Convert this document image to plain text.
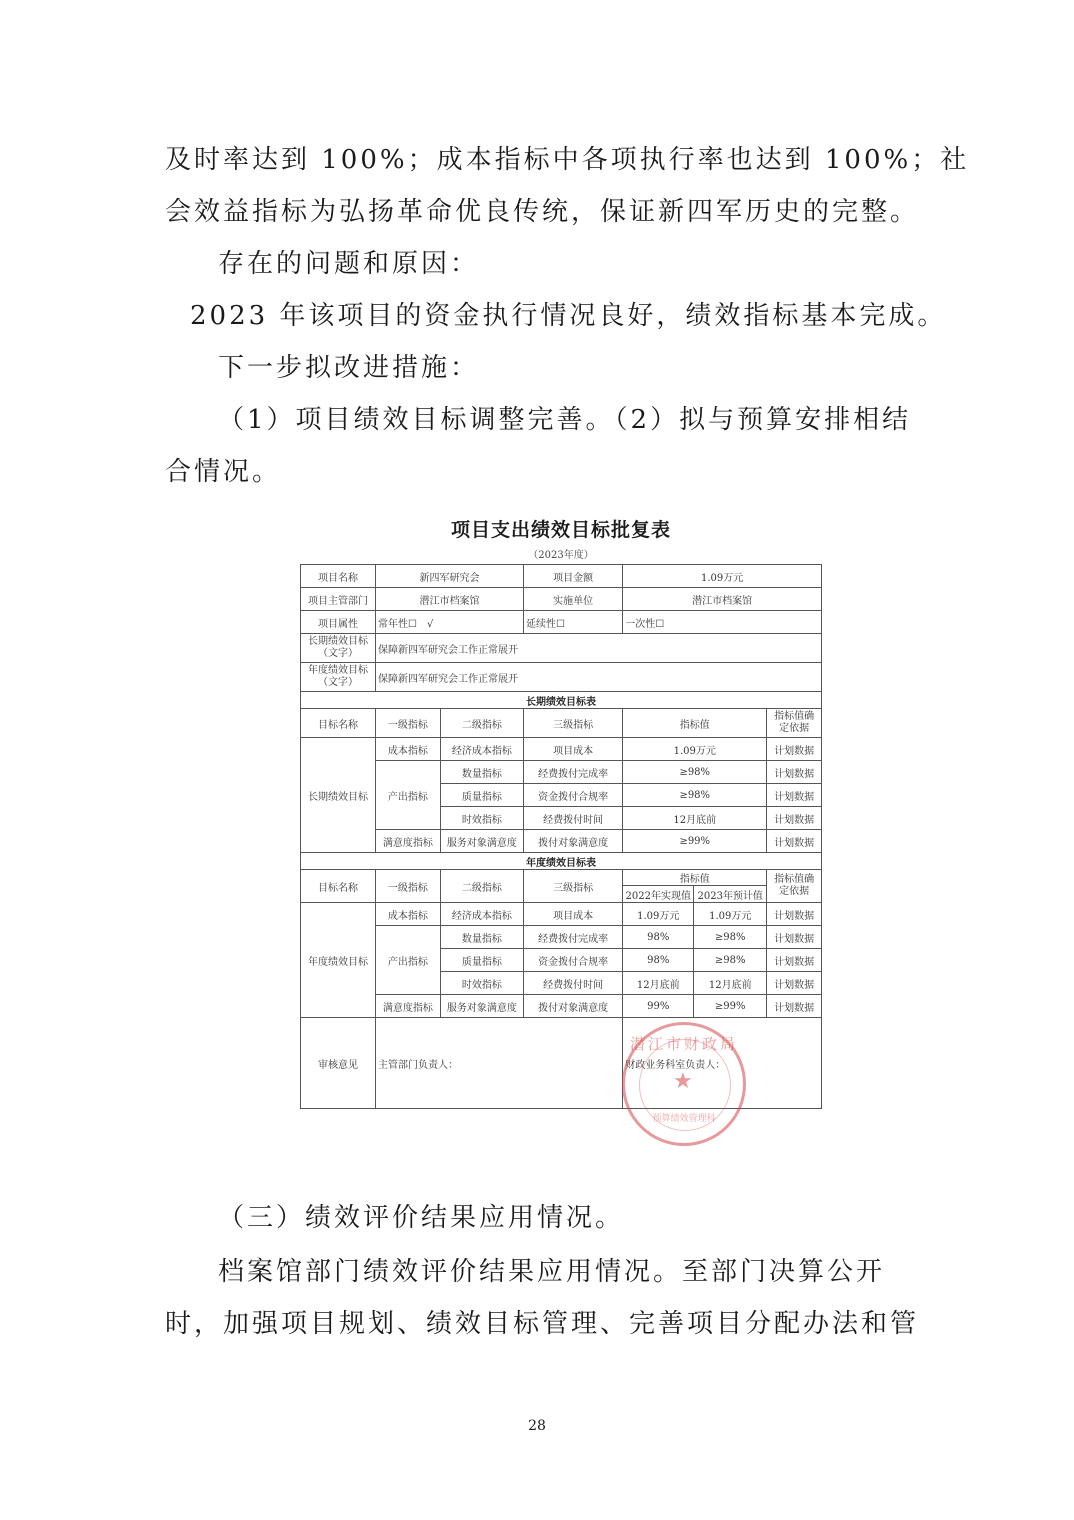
及时率达到 100%；成本指标中各项执行率也达到 100%；社
会效益指标为弘扬革命优良传统，保证新四军历史的完整。
存在的问题和原因：
2023 年该项目的资金执行情况良好，绩效指标基本完成。
下一步拟改进措施：
（1）项目绩效目标调整完善。（2）拟与预算安排相结
合情况。
项目支出绩效目标批复表
（2023年度）
项目名称	新四军研究会		项目金额	1.09万元		
项目主管部门	潜江市档案馆		实施单位	潜江市档案馆		
项目属性	常年性☐　√		延续性☐	一次性☐		
长期绩效目标（文字）	保障新四军研究会工作正常展开					
年度绩效目标（文字）	保障新四军研究会工作正常展开					
长期绩效目标表						
目标名称	一级指标	二级指标	三级指标	指标值		指标值确定依据
长期绩效目标	成本指标	经济成本指标	项目成本	1.09万元		计划数据
	产出指标	数量指标	经费拨付完成率	≥98%		计划数据
		质量指标	资金拨付合规率	≥98%		计划数据
		时效指标	经费拨付时间	12月底前		计划数据
	满意度指标	服务对象满意度	拨付对象满意度	≥99%		计划数据
年度绩效目标表						
目标名称	一级指标	二级指标	三级指标	指标值		指标值确定依据
				2022年实现值	2023年预计值	
年度绩效目标	成本指标	经济成本指标	项目成本	1.09万元	1.09万元	计划数据
	产出指标	数量指标	经费拨付完成率	98%	≥98%	计划数据
		质量指标	资金拨付合规率	98%	≥98%	计划数据
		时效指标	经费拨付时间	12月底前	12月底前	计划数据
	满意度指标	服务对象满意度	拨付对象满意度	99%	≥99%	计划数据
审核意见	主管部门负责人：			财政业务科室负责人：		
潜江市财政局
★
预算绩效管理科
（三）绩效评价结果应用情况。
档案馆部门绩效评价结果应用情况。至部门决算公开
时，加强项目规划、绩效目标管理、完善项目分配办法和管
28
